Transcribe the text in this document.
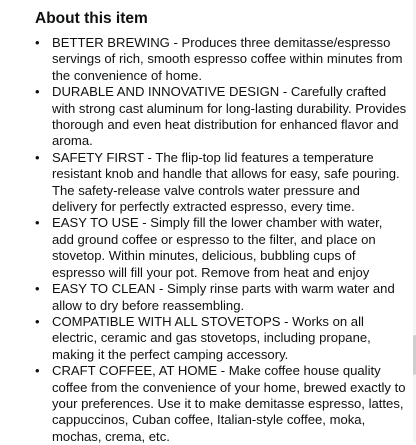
About this item
• BETTER BREWING - Produces three demitasse/espresso servings of rich, smooth espresso coffee within minutes from the convenience of home.
• DURABLE AND INNOVATIVE DESIGN - Carefully crafted with strong cast aluminum for long-lasting durability. Provides thorough and even heat distribution for enhanced flavor and aroma.
• SAFETY FIRST - The flip-top lid features a temperature resistant knob and handle that allows for easy, safe pouring. The safety-release valve controls water pressure and delivery for perfectly extracted espresso, every time.
• EASY TO USE - Simply fill the lower chamber with water, add ground coffee or espresso to the filter, and place on stovetop. Within minutes, delicious, bubbling cups of espresso will fill your pot. Remove from heat and enjoy
• EASY TO CLEAN - Simply rinse parts with warm water and allow to dry before reassembling.
• COMPATIBLE WITH ALL STOVETOPS - Works on all electric, ceramic and gas stovetops, including propane, making it the perfect camping accessory.
• CRAFT COFFEE, AT HOME - Make coffee house quality coffee from the convenience of your home, brewed exactly to your preferences. Use it to make demitasse espresso, lattes, cappuccinos, Cuban coffee, Italian-style coffee, moka, mochas, crema, etc.
